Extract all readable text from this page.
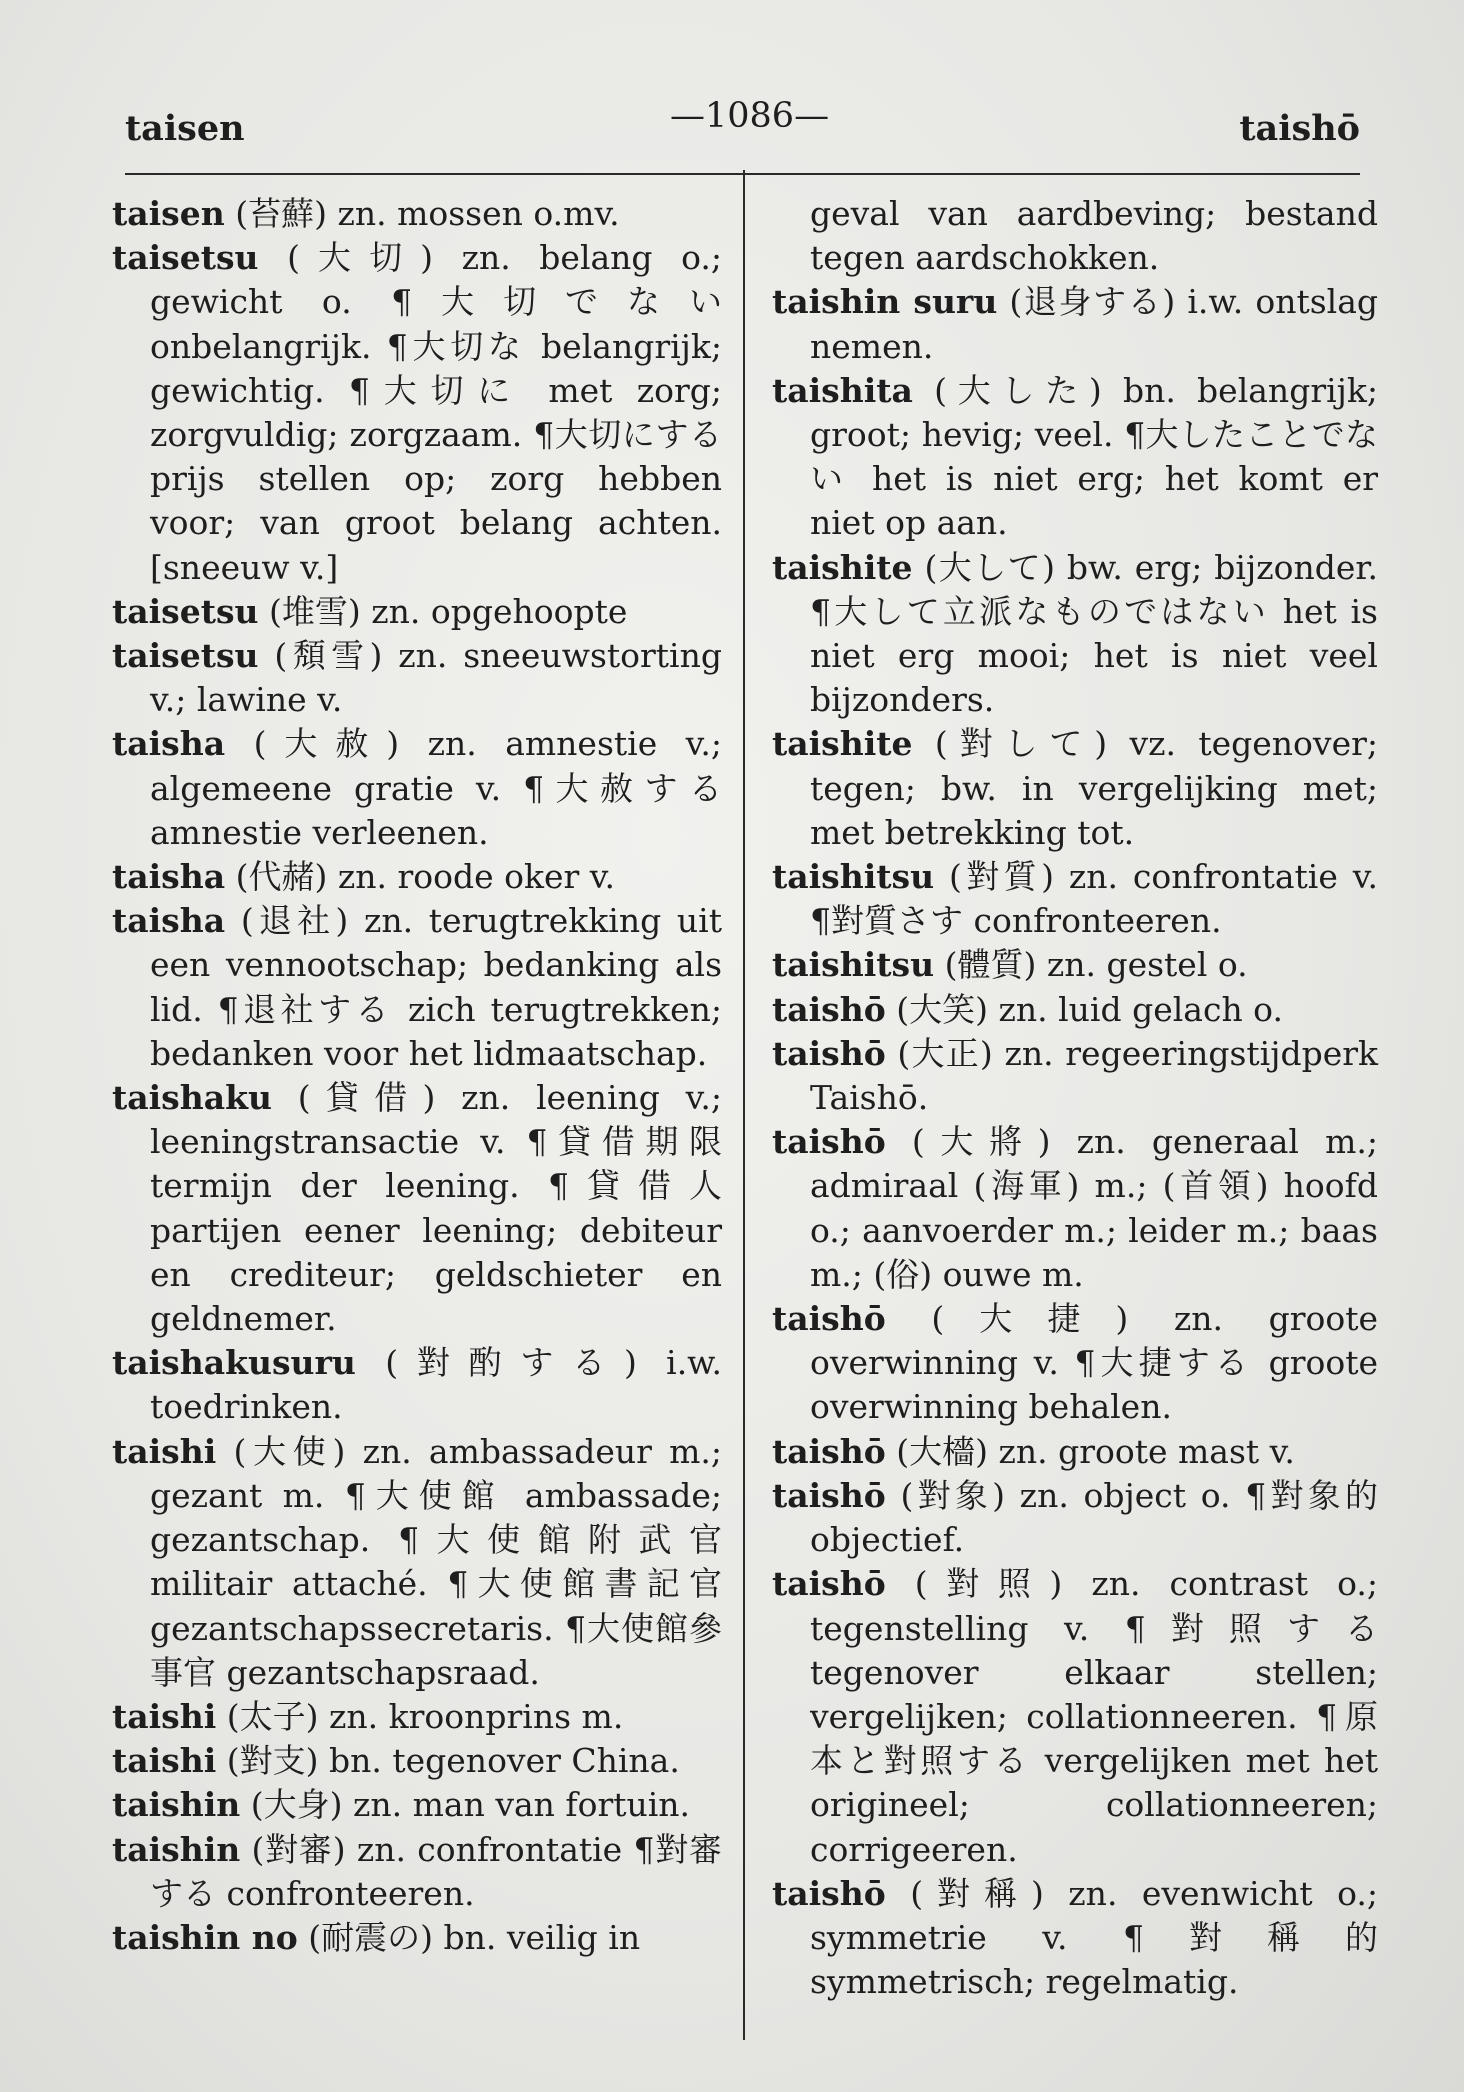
taisen	—1086—	taishō
taisen (苔蘚) zn. mossen o.mv.
taisetsu (大切) zn. belang o.; gewicht o. ¶大切でない onbelangrijk. ¶大切な belangrijk; gewichtig. ¶大切に met zorg; zorgvuldig; zorgzaam. ¶大切にする prijs stellen op; zorg hebben voor; van groot belang achten. [sneeuw v.]
taisetsu (堆雪) zn. opgehoopte
taisetsu (頽雪) zn. sneeuwstorting v.; lawine v.
taisha (大赦) zn. amnestie v.; algemeene gratie v. ¶大赦する amnestie verleenen.
taisha (代赭) zn. roode oker v.
taisha (退社) zn. terugtrekking uit een vennootschap; bedanking als lid. ¶退社する zich terugtrekken; bedanken voor het lidmaatschap.
taishaku (貸借) zn. leening v.; leeningstransactie v. ¶貸借期限 termijn der leening. ¶貸借人 partijen eener leening; debiteur en crediteur; geldschieter en geldnemer.
taishakusuru (對酌する) i.w. toedrinken.
taishi (大使) zn. ambassadeur m.; gezant m. ¶大使館 ambassade; gezantschap. ¶大使館附武官 militair attaché. ¶大使館書記官 gezantschapssecretaris. ¶大使館參事官 gezantschapsraad.
taishi (太子) zn. kroonprins m.
taishi (對支) bn. tegenover China.
taishin (大身) zn. man van fortuin.
taishin (對審) zn. confrontatie ¶對審する confronteeren.
taishin no (耐震の) bn. veilig in
geval van aardbeving; bestand tegen aardschokken.
taishin suru (退身する) i.w. ontslag nemen.
taishita (大した) bn. belangrijk; groot; hevig; veel. ¶大したことでない het is niet erg; het komt er niet op aan.
taishite (大して) bw. erg; bijzonder. ¶大して立派なものではない het is niet erg mooi; het is niet veel bijzonders.
taishite (對して) vz. tegenover; tegen; bw. in vergelijking met; met betrekking tot.
taishitsu (對質) zn. confrontatie v. ¶對質さす confronteeren.
taishitsu (體質) zn. gestel o.
taishō (大笑) zn. luid gelach o.
taishō (大正) zn. regeeringstijdperk Taishō.
taishō (大將) zn. generaal m.; admiraal (海軍) m.; (首領) hoofd o.; aanvoerder m.; leider m.; baas m.; (俗) ouwe m.
taishō (大捷) zn. groote overwinning v. ¶大捷する groote overwinning behalen.
taishō (大檣) zn. groote mast v.
taishō (對象) zn. object o. ¶對象的 objectief.
taishō (對照) zn. contrast o.; tegenstelling v. ¶對照する tegenover elkaar stellen; vergelijken; collationneeren. ¶原本と對照する vergelijken met het origineel; collationneeren; corrigeeren.
taishō (對稱) zn. evenwicht o.; symmetrie v. ¶對稱的 symmetrisch; regelmatig.
